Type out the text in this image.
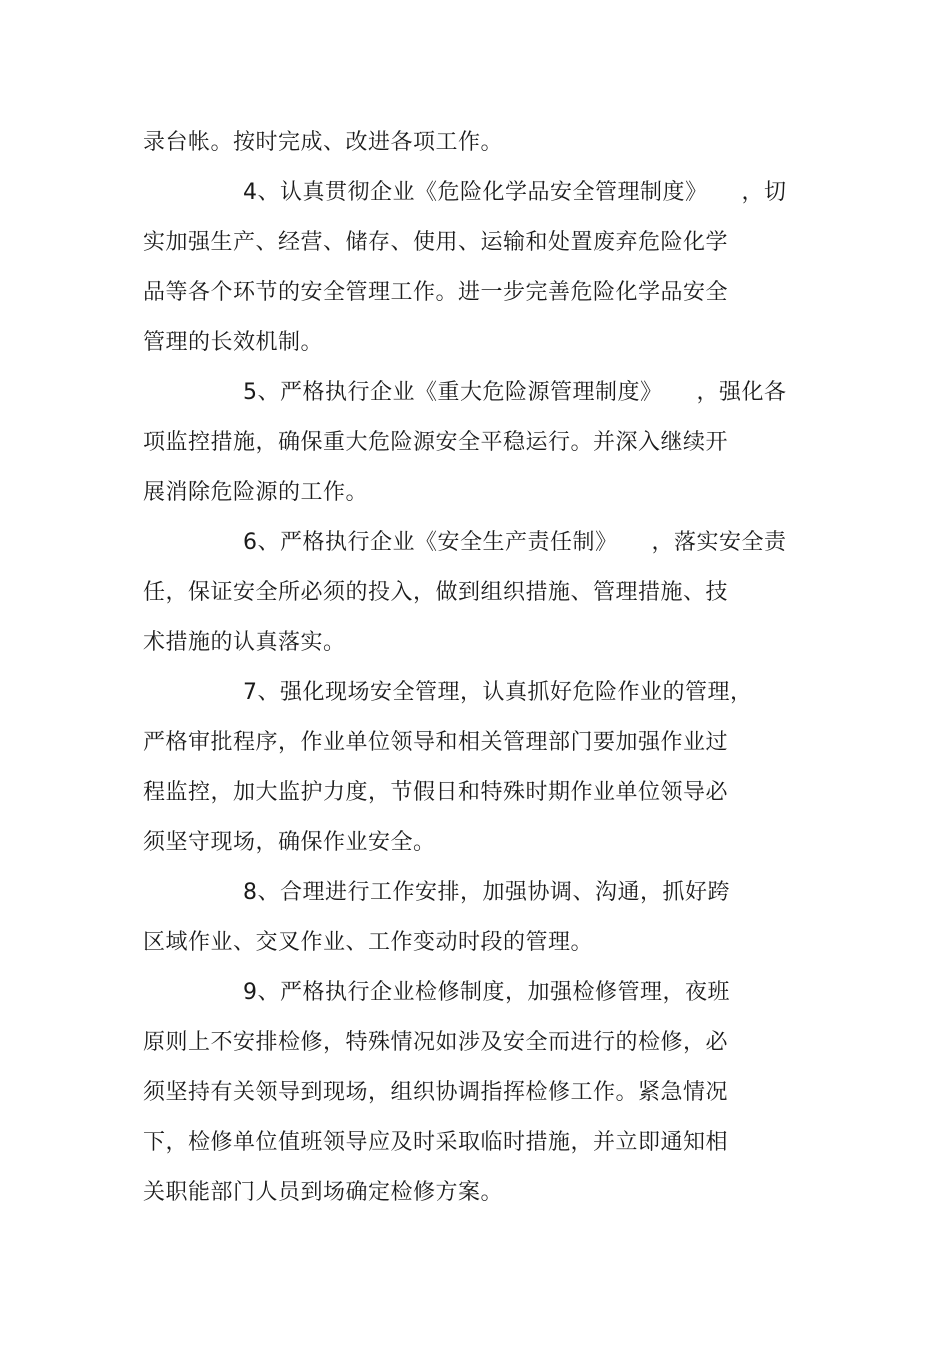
录台帐。按时完成、改进各项工作。
4、认真贯彻企业《危险化学品安全管理制度》　　，切
实加强生产、经营、储存、使用、运输和处置废弃危险化学
品等各个环节的安全管理工作。进一步完善危险化学品安全
管理的长效机制。
5、严格执行企业《重大危险源管理制度》　　，强化各
项监控措施，确保重大危险源安全平稳运行。并深入继续开
展消除危险源的工作。
6、严格执行企业《安全生产责任制》　　，落实安全责
任，保证安全所必须的投入，做到组织措施、管理措施、技
术措施的认真落实。
7、强化现场安全管理，认真抓好危险作业的管理，
严格审批程序，作业单位领导和相关管理部门要加强作业过
程监控，加大监护力度，节假日和特殊时期作业单位领导必
须坚守现场，确保作业安全。
8、合理进行工作安排，加强协调、沟通，抓好跨
区域作业、交叉作业、工作变动时段的管理。
9、严格执行企业检修制度，加强检修管理，夜班
原则上不安排检修，特殊情况如涉及安全而进行的检修，必
须坚持有关领导到现场，组织协调指挥检修工作。紧急情况
下，检修单位值班领导应及时采取临时措施，并立即通知相
关职能部门人员到场确定检修方案。
